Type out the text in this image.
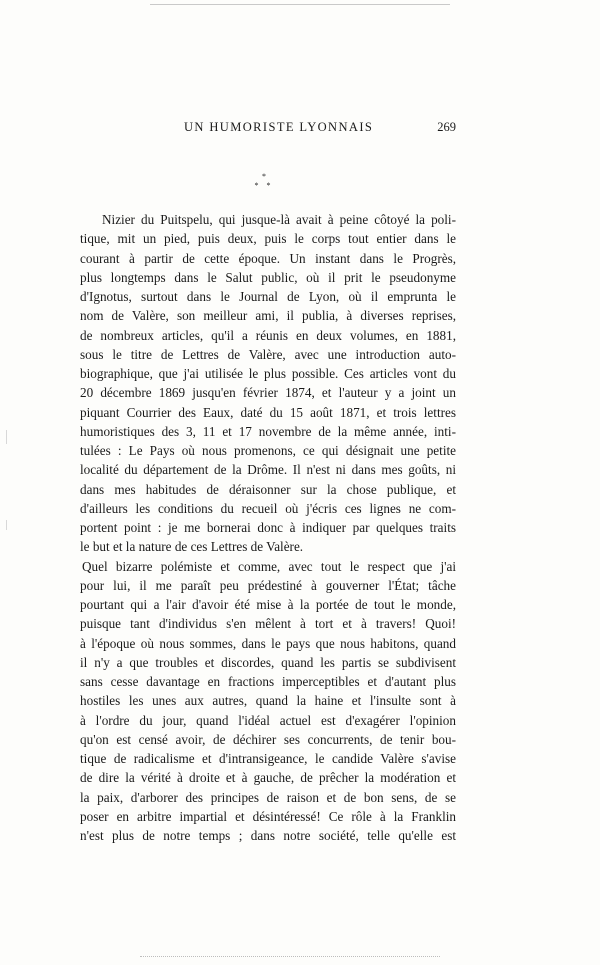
UN HUMORISTE LYONNAIS	269
*
* *
Nizier du Puitspelu, qui jusque-là avait à peine côtoyé la poli-
tique, mit un pied, puis deux, puis le corps tout entier dans le
courant à partir de cette époque. Un instant dans le Progrès,
plus longtemps dans le Salut public, où il prit le pseudonyme
d'Ignotus, surtout dans le Journal de Lyon, où il emprunta le
nom de Valère, son meilleur ami, il publia, à diverses reprises,
de nombreux articles, qu'il a réunis en deux volumes, en 1881,
sous le titre de Lettres de Valère, avec une introduction auto-
biographique, que j'ai utilisée le plus possible. Ces articles vont du
20 décembre 1869 jusqu'en février 1874, et l'auteur y a joint un
piquant Courrier des Eaux, daté du 15 août 1871, et trois lettres
humoristiques des 3, 11 et 17 novembre de la même année, inti-
tulées : Le Pays où nous promenons, ce qui désignait une petite
localité du département de la Drôme. Il n'est ni dans mes goûts, ni
dans mes habitudes de déraisonner sur la chose publique, et
d'ailleurs les conditions du recueil où j'écris ces lignes ne com-
portent point : je me bornerai donc à indiquer par quelques traits
le but et la nature de ces Lettres de Valère.
Quel bizarre polémiste et comme, avec tout le respect que j'ai
pour lui, il me paraît peu prédestiné à gouverner l'État; tâche
pourtant qui a l'air d'avoir été mise à la portée de tout le monde,
puisque tant d'individus s'en mêlent à tort et à travers! Quoi!
à l'époque où nous sommes, dans le pays que nous habitons, quand
il n'y a que troubles et discordes, quand les partis se subdivisent
sans cesse davantage en fractions imperceptibles et d'autant plus
hostiles les unes aux autres, quand la haine et l'insulte sont à
à l'ordre du jour, quand l'idéal actuel est d'exagérer l'opinion
qu'on est censé avoir, de déchirer ses concurrents, de tenir bou-
tique de radicalisme et d'intransigeance, le candide Valère s'avise
de dire la vérité à droite et à gauche, de prêcher la modération et
la paix, d'arborer des principes de raison et de bon sens, de se
poser en arbitre impartial et désintéressé! Ce rôle à la Franklin
n'est plus de notre temps ; dans notre société, telle qu'elle est
